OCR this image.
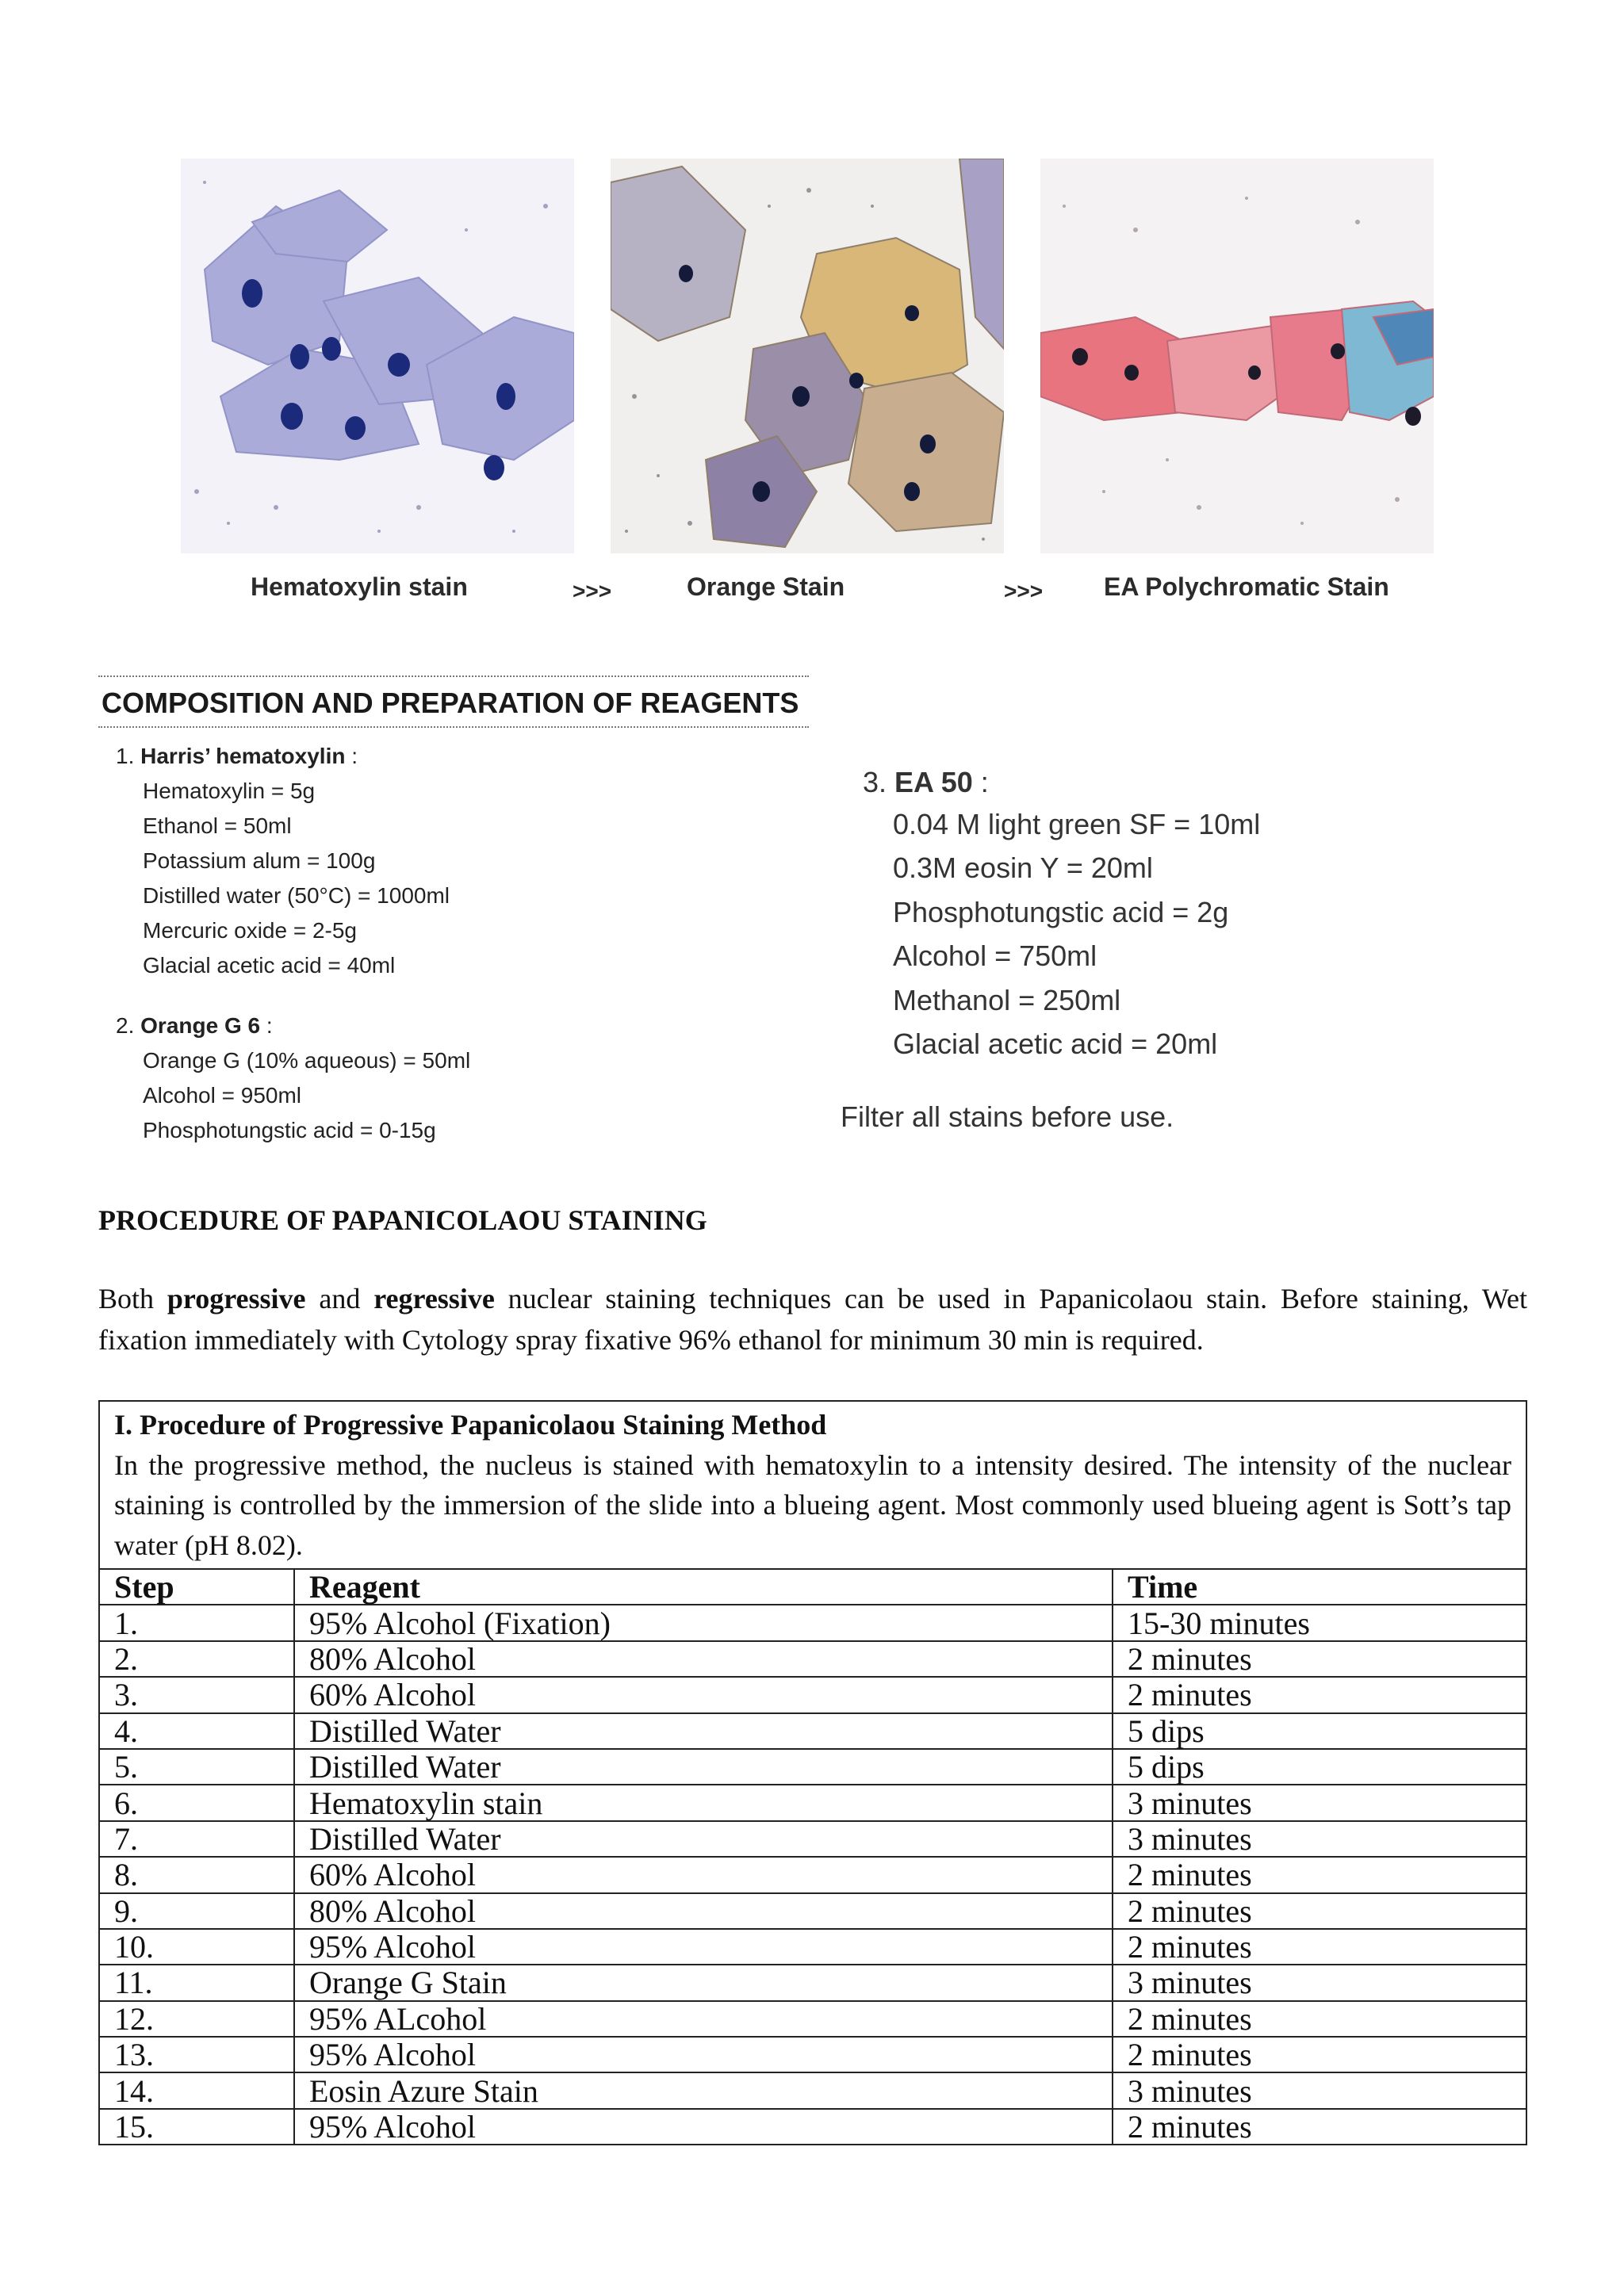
Hematoxylin stain	>>>	Orange Stain	>>> EA Polychromatic Stain
COMPOSITION AND PREPARATION OF REAGENTS
1. Harris’ hematoxylin :
Hematoxylin = 5g
Ethanol = 50ml
Potassium alum = 100g
Distilled water (50°C) = 1000ml
Mercuric oxide = 2-5g
Glacial acetic acid = 40ml
2. Orange G 6 :
Orange G (10% aqueous) = 50ml
Alcohol = 950ml
Phosphotungstic acid = 0-15g
3. EA 50 :
0.04 M light green SF = 10ml
0.3M eosin Y = 20ml
Phosphotungstic acid = 2g
Alcohol = 750ml
Methanol = 250ml
Glacial acetic acid = 20ml
Filter all stains before use.
PROCEDURE OF PAPANICOLAOU STAINING
Both progressive and regressive nuclear staining techniques can be used in Papanicolaou stain. Before staining, Wet fixation immediately with Cytology spray fixative 96% ethanol for minimum 30 min is required.
I. Procedure of Progressive Papanicolaou Staining Method
In the progressive method, the nucleus is stained with hematoxylin to a intensity desired. The intensity of the nuclear staining is controlled by the immersion of the slide into a blueing agent. Most commonly used blueing agent is Sott’s tap water (pH 8.02).		
Step	Reagent	Time
1.	95% Alcohol (Fixation)	15-30 minutes
2.	80% Alcohol	2 minutes
3.	60% Alcohol	2 minutes
4.	Distilled Water	5 dips
5.	Distilled Water	5 dips
6.	Hematoxylin stain	3 minutes
7.	Distilled Water	3 minutes
8.	60% Alcohol	2 minutes
9.	80% Alcohol	2 minutes
10.	95% Alcohol	2 minutes
11.	Orange G Stain	3 minutes
12.	95% ALcohol	2 minutes
13.	95% Alcohol	2 minutes
14.	Eosin Azure Stain	3 minutes
15.	95% Alcohol	2 minutes
